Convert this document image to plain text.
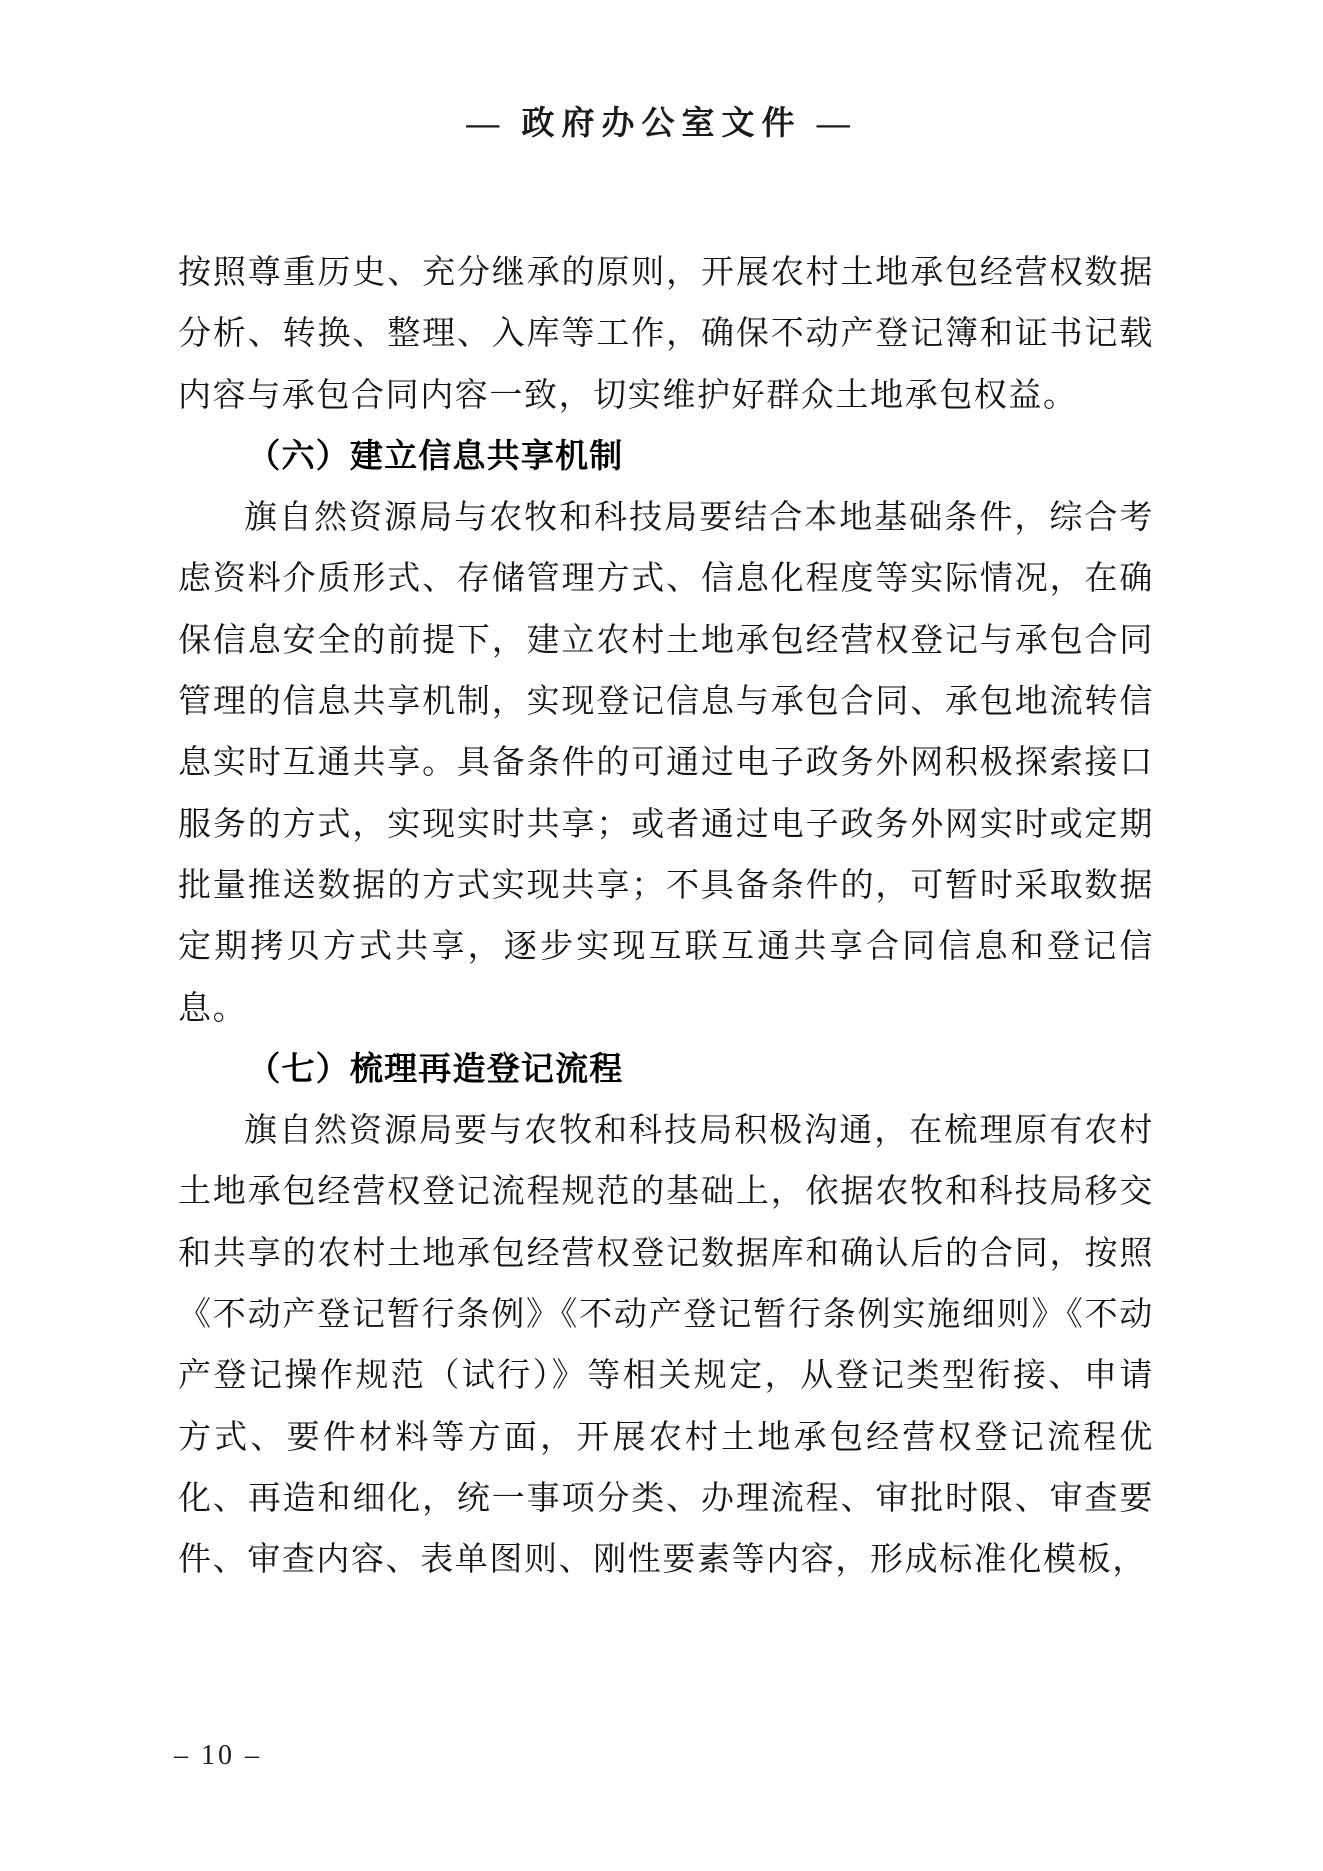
— 政府办公室文件 —

按照尊重历史、充分继承的原则，开展农村土地承包经营权数据分析、转换、整理、入库等工作，确保不动产登记簿和证书记载内容与承包合同内容一致，切实维护好群众土地承包权益。

（六）建立信息共享机制

旗自然资源局与农牧和科技局要结合本地基础条件，综合考虑资料介质形式、存储管理方式、信息化程度等实际情况，在确保信息安全的前提下，建立农村土地承包经营权登记与承包合同管理的信息共享机制，实现登记信息与承包合同、承包地流转信息实时互通共享。具备条件的可通过电子政务外网积极探索接口服务的方式，实现实时共享；或者通过电子政务外网实时或定期批量推送数据的方式实现共享；不具备条件的，可暂时采取数据定期拷贝方式共享，逐步实现互联互通共享合同信息和登记信息。

（七）梳理再造登记流程

旗自然资源局要与农牧和科技局积极沟通，在梳理原有农村土地承包经营权登记流程规范的基础上，依据农牧和科技局移交和共享的农村土地承包经营权登记数据库和确认后的合同，按照《不动产登记暂行条例》《不动产登记暂行条例实施细则》《不动产登记操作规范（试行）》等相关规定，从登记类型衔接、申请方式、要件材料等方面，开展农村土地承包经营权登记流程优化、再造和细化，统一事项分类、办理流程、审批时限、审查要件、审查内容、表单图则、刚性要素等内容，形成标准化模板，

– 10 –
